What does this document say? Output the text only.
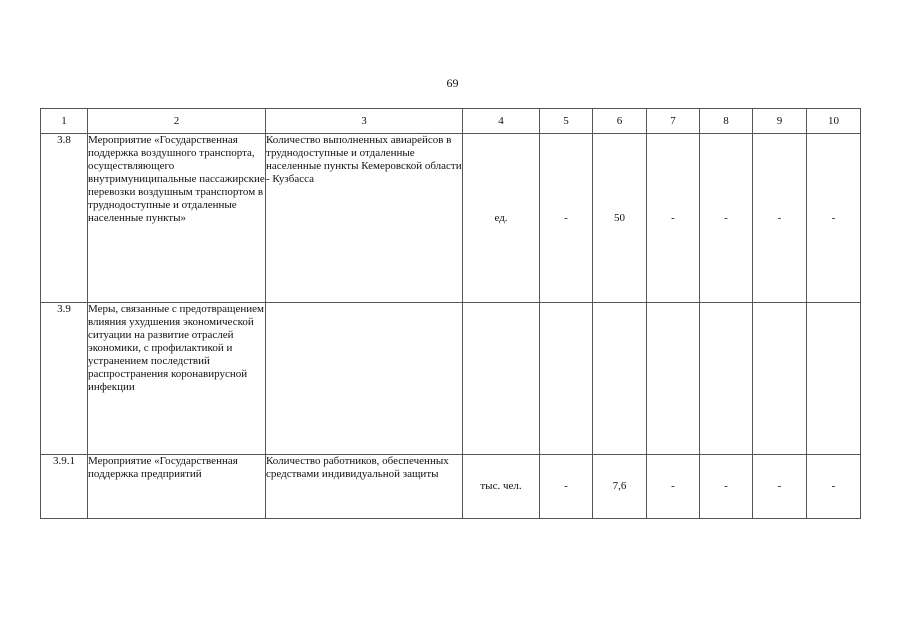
69
1	2	3	4	5	6	7	8	9	10
3.8	Мероприятие «Государственная поддержка воздушного транспорта, осуществляющего внутримуниципальные пассажирские перевозки воздушным транспортом в труднодоступные и отдаленные населенные пункты»	Количество выполненных авиарейсов в труднодоступные и отдаленные населенные пункты Кемеровской области - Кузбасса	ед.	-	50	-	-	-	-
3.9	Меры, связанные с предотвращением влияния ухудшения экономической ситуации на развитие отраслей экономики, с профилактикой и устранением последствий распространения коронавирусной инфекции								
3.9.1	Мероприятие «Государственная поддержка предприятий	Количество работников, обеспеченных средствами индивидуальной защиты	тыс. чел.	-	7,6	-	-	-	-
